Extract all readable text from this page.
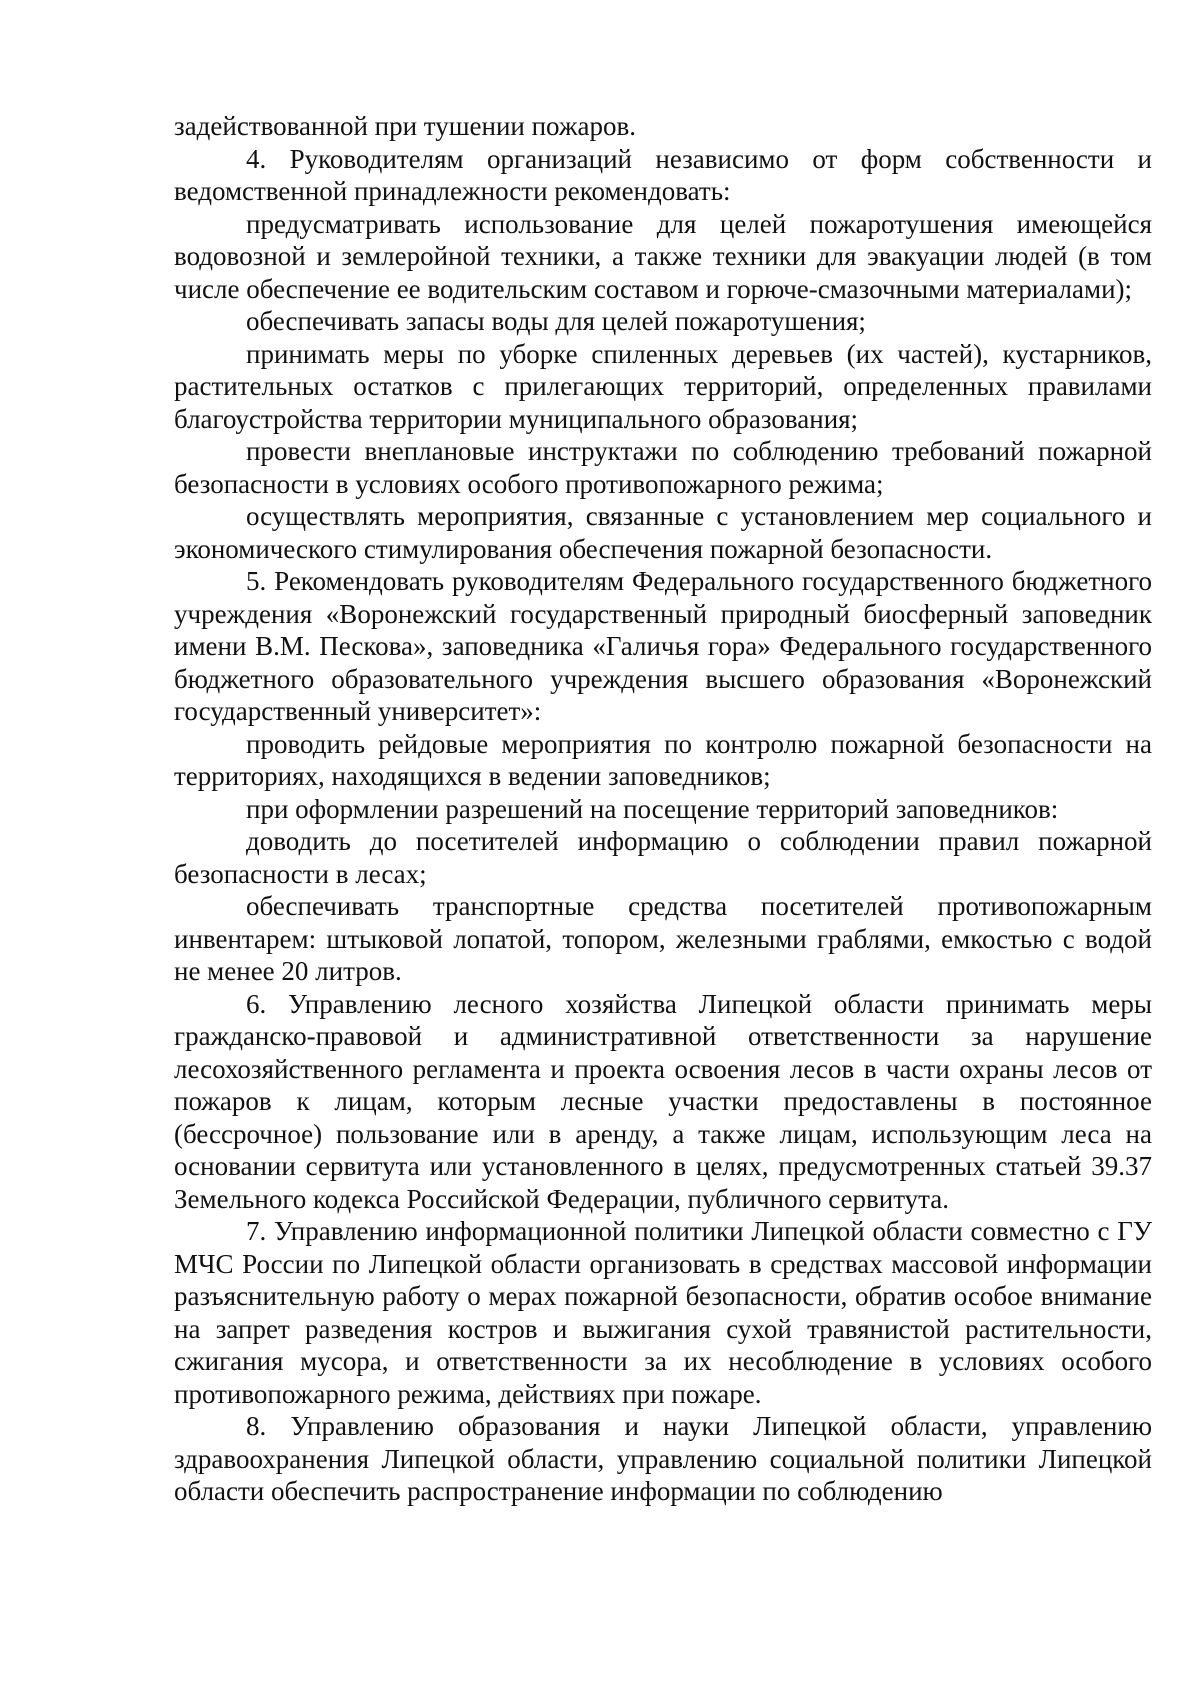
задействованной при тушении пожаров.

4. Руководителям организаций независимо от форм собственности и ведомственной принадлежности рекомендовать:

предусматривать использование для целей пожаротушения имеющейся водовозной и землеройной техники, а также техники для эвакуации людей (в том числе обеспечение ее водительским составом и горюче-смазочными материалами);

обеспечивать запасы воды для целей пожаротушения;

принимать меры по уборке спиленных деревьев (их частей), кустарников, растительных остатков с прилегающих территорий, определенных правилами благоустройства территории муниципального образования;

провести внеплановые инструктажи по соблюдению требований пожарной безопасности в условиях особого противопожарного режима;

осуществлять мероприятия, связанные с установлением мер социального и экономического стимулирования обеспечения пожарной безопасности.

5. Рекомендовать руководителям Федерального государственного бюджетного учреждения «Воронежский государственный природный биосферный заповедник имени В.М. Пескова», заповедника «Галичья гора» Федерального государственного бюджетного образовательного учреждения высшего образования «Воронежский государственный университет»:

проводить рейдовые мероприятия по контролю пожарной безопасности на территориях, находящихся в ведении заповедников;

при оформлении разрешений на посещение территорий заповедников:

доводить до посетителей информацию о соблюдении правил пожарной безопасности в лесах;

обеспечивать транспортные средства посетителей противопожарным инвентарем: штыковой лопатой, топором, железными граблями, емкостью с водой не менее 20 литров.

6. Управлению лесного хозяйства Липецкой области принимать меры гражданско-правовой и административной ответственности за нарушение лесохозяйственного регламента и проекта освоения лесов в части охраны лесов от пожаров к лицам, которым лесные участки предоставлены в постоянное (бессрочное) пользование или в аренду, а также лицам, использующим леса на основании сервитута или установленного в целях, предусмотренных статьей 39.37 Земельного кодекса Российской Федерации, публичного сервитута.

7. Управлению информационной политики Липецкой области совместно с ГУ МЧС России по Липецкой области организовать в средствах массовой информации разъяснительную работу о мерах пожарной безопасности, обратив особое внимание на запрет разведения костров и выжигания сухой травянистой растительности, сжигания мусора, и ответственности за их несоблюдение в условиях особого противопожарного режима, действиях при пожаре.

8. Управлению образования и науки Липецкой области, управлению здравоохранения Липецкой области, управлению социальной политики Липецкой области обеспечить распространение информации по соблюдению
